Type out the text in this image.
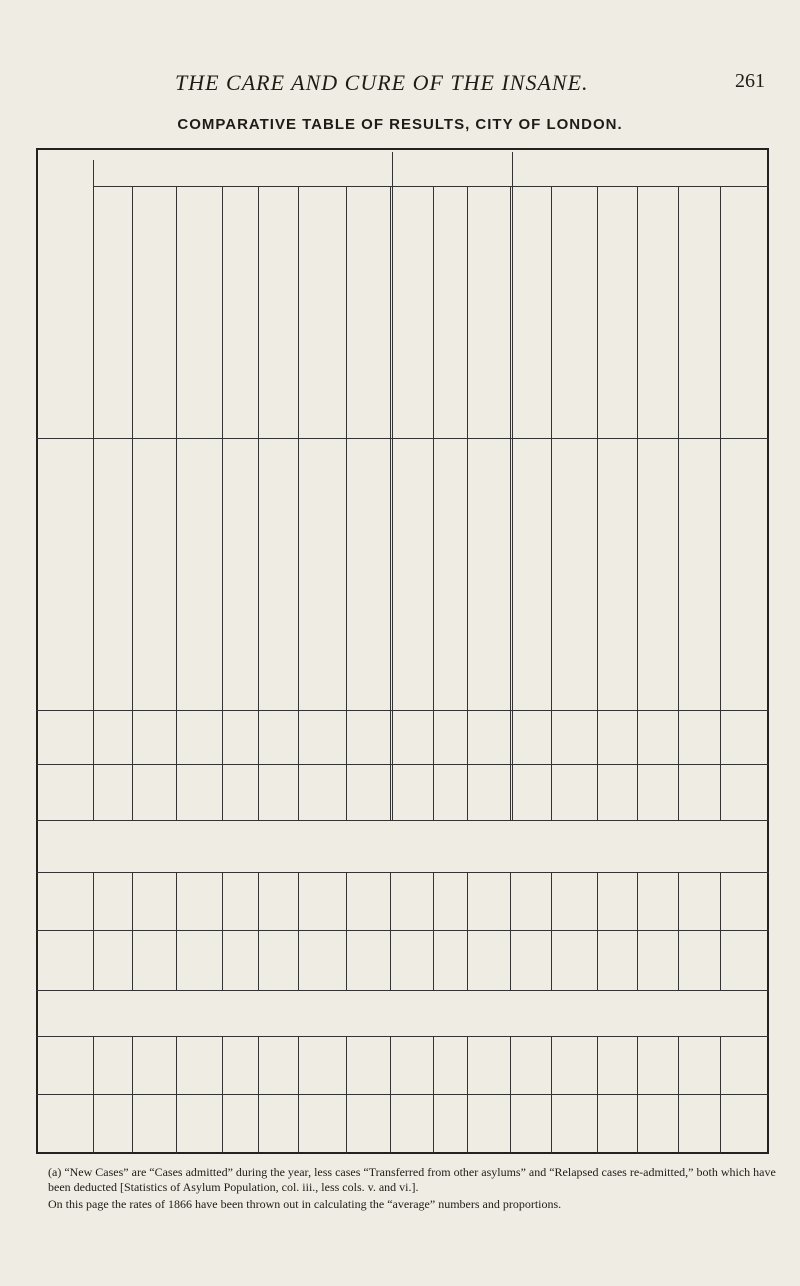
THE CARE AND CURE OF THE INSANE.	261
COMPARATIVE TABLE OF RESULTS, CITY OF LONDON.
(a) “New Cases” are “Cases admitted” during the year, less cases “Transferred from other asylums” and “Relapsed cases re-admitted,” both which have been deducted [Statistics of Asylum Population, col. iii., less cols. v. and vi.].
On this page the rates of 1866 have been thrown out in calculating the “average” numbers and proportions.
